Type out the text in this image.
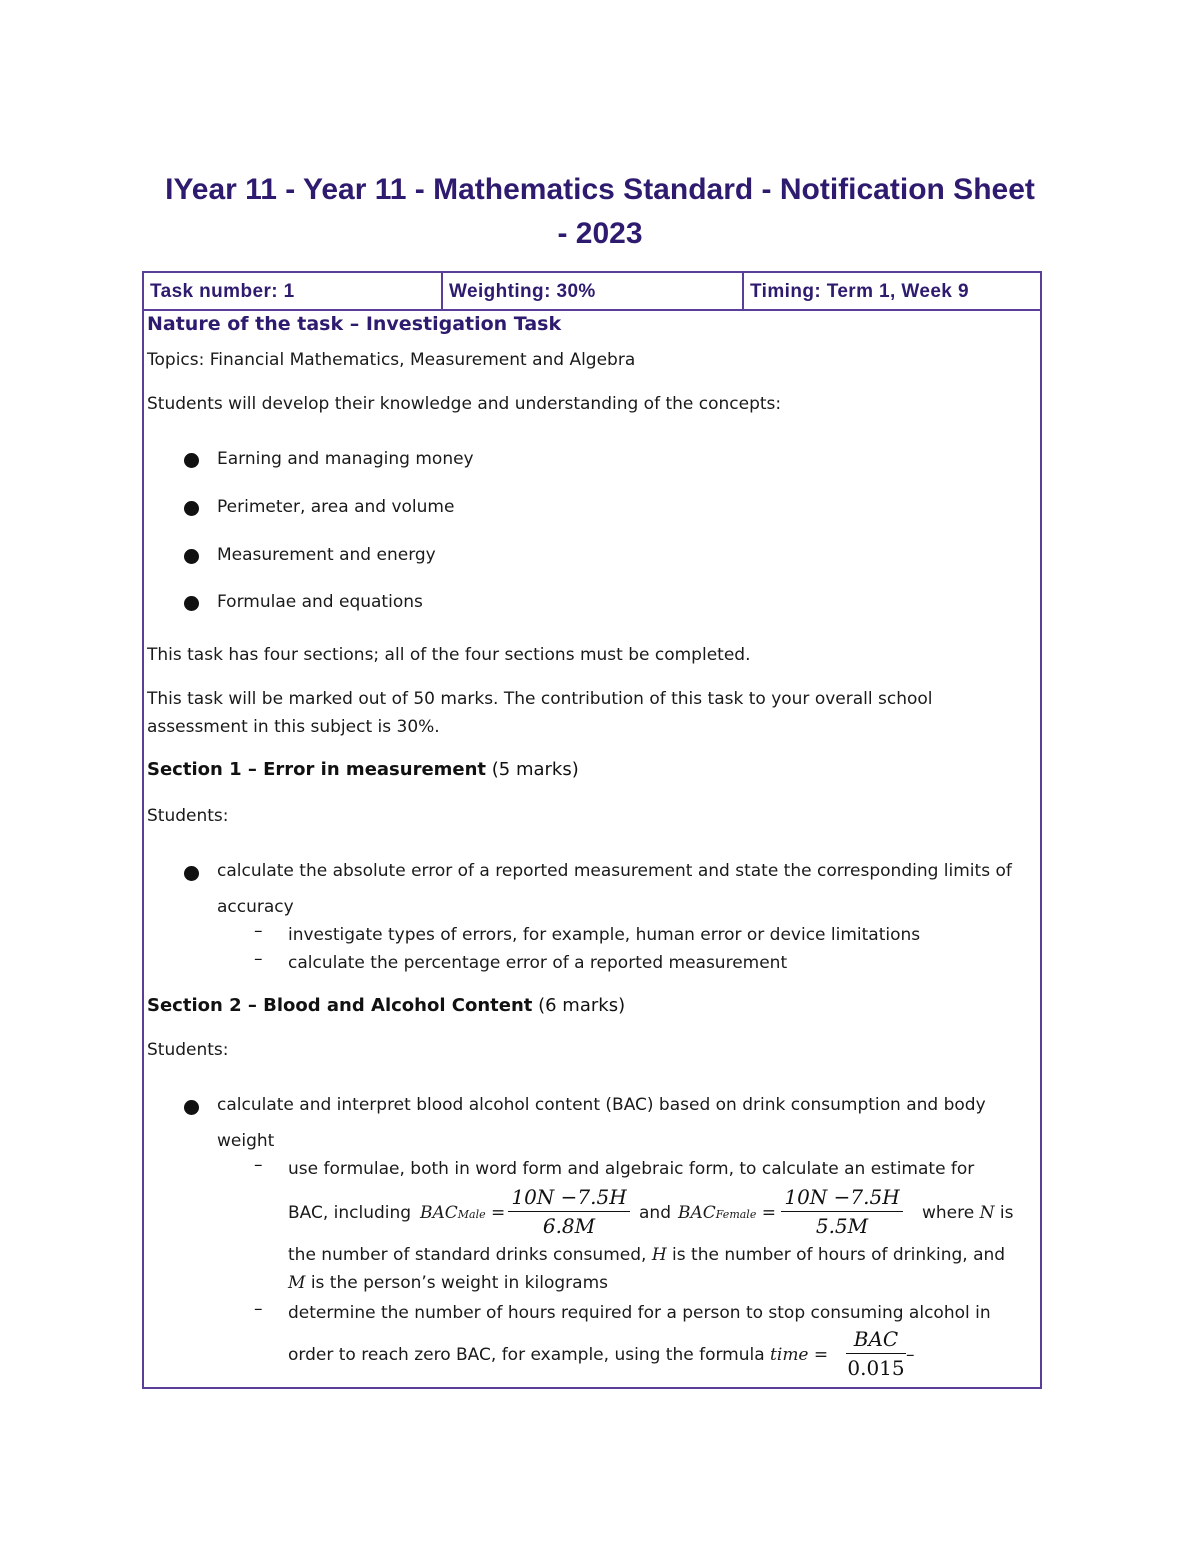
IYear 11 - Year 11 - Mathematics Standard - Notification Sheet
- 2023
Task number: 1	Weighting: 30%	Timing: Term 1, Week 9
Nature of the task – Investigation Task
Topics: Financial Mathematics, Measurement and Algebra
Students will develop their knowledge and understanding of the concepts:
Earning and managing money
Perimeter, area and volume
Measurement and energy
Formulae and equations
This task has four sections; all of the four sections must be completed.
This task will be marked out of 50 marks. The contribution of this task to your overall school
assessment in this subject is 30%.
Section 1 – Error in measurement (5 marks)
Students:
calculate the absolute error of a reported measurement and state the corresponding limits of
accuracy
– investigate types of errors, for example, human error or device limitations
– calculate the percentage error of a reported measurement
Section 2 – Blood and Alcohol Content (6 marks)
Students:
calculate and interpret blood alcohol content (BAC) based on drink consumption and body
weight
– use formulae, both in word form and algebraic form, to calculate an estimate for
BAC, including BACMale =
10N −7.5H
6.8M
and BACFemale =
10N −7.5H
5.5M
where N is
the number of standard drinks consumed, H is the number of hours of drinking, and
M is the person’s weight in kilograms
– determine the number of hours required for a person to stop consuming alcohol in
order to reach zero BAC, for example, using the formula time =
BAC
0.015
–
